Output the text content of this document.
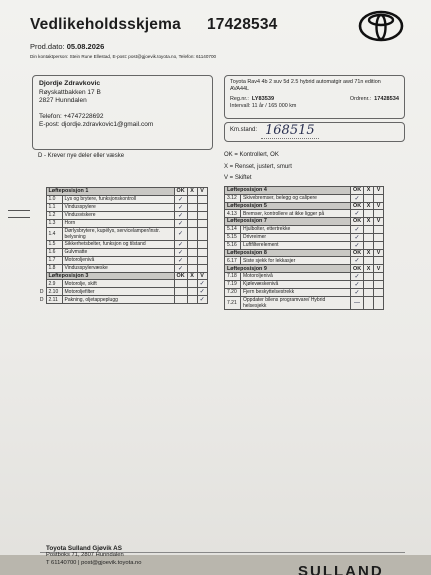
Vedlikeholdsskjema 17428534
Prod.dato: 05.08.2026
Din kontaktperson: Stein Rune Ellestad, E-post: post@gjoevik.toyota.no, Telefon: 61140700
Djordje Zdravkovic
Røyskattbakken 17 B
2827 Hunndalen
Telefon: +4747228692
E-post: djordje.zdravkovic1@gmail.com
Toyota Rav4 4b 2 suv 5d 2.5 hybrid automatgir awd 71n edition AVA44L
Reg.nr.: LY83539	Ordrenr.: 17428534
Intervall: 11 år / 165 000 km
Km.stand: 168515
D - Krever nye deler eller væske	OK = Kontrollert, OK
X = Renset, justert, smurt
V = Skiftet
	Løfteposisjon 1		OK	X	V
	1.0	Lys og brytere, funksjonskontroll	✓		
	1.1	Vindusspylere	✓		
	1.2	Vindusviskere	✓		
	1.3	Horn	✓		
	1.4	Dørlysbrytere, kupélys, servicelamper/instr. belysning	✓		
	1.5	Sikkerhetsbelter, funksjon og tilstand	✓		
	1.6	Gulvmatte	✓		
	1.7	Motorolјenivå	✓		
	1.8	Vindusspylervæske	✓		
	Løfteposisjon 3		OK	X	V
	2.9	Motorolje, skift			✓
D	2.10	Motoroljefilter			✓
D	2.11	Pakning, oljetappeplugg			✓
Løfteposisjon 4		OK	X	V
3.12	Skivebremser, belegg og calipere	✓		
Løfteposisjon 5		OK	X	V
4.13	Bremser, kontrollere at ikke ligger på	✓		
Løfteposisjon 7		OK	X	V
5.14	Hjulbolter, ettertrekke	✓		
5.15	Drivreimer	✓		
5.16	Luftfilterelement	✓		
Løfteposisjon 8		OK	X	V
6.17	Siste sjekk for lekkasjer	✓		
Løfteposisjon 9		OK	X	V
7.18	Motoroljenivå	✓		
7.19	Kjølevæskenivå	✓		
7.20	Fjern beskyttelsestrekk	✓		
7.21	Oppdater bilens programvare/ Hybrid helsesjekk	—		
Toyota Sulland Gjøvik AS
Postboks 71, 2807 Hunndalen
T 61140700 | post@gjoevik.toyota.no
SULLAND
